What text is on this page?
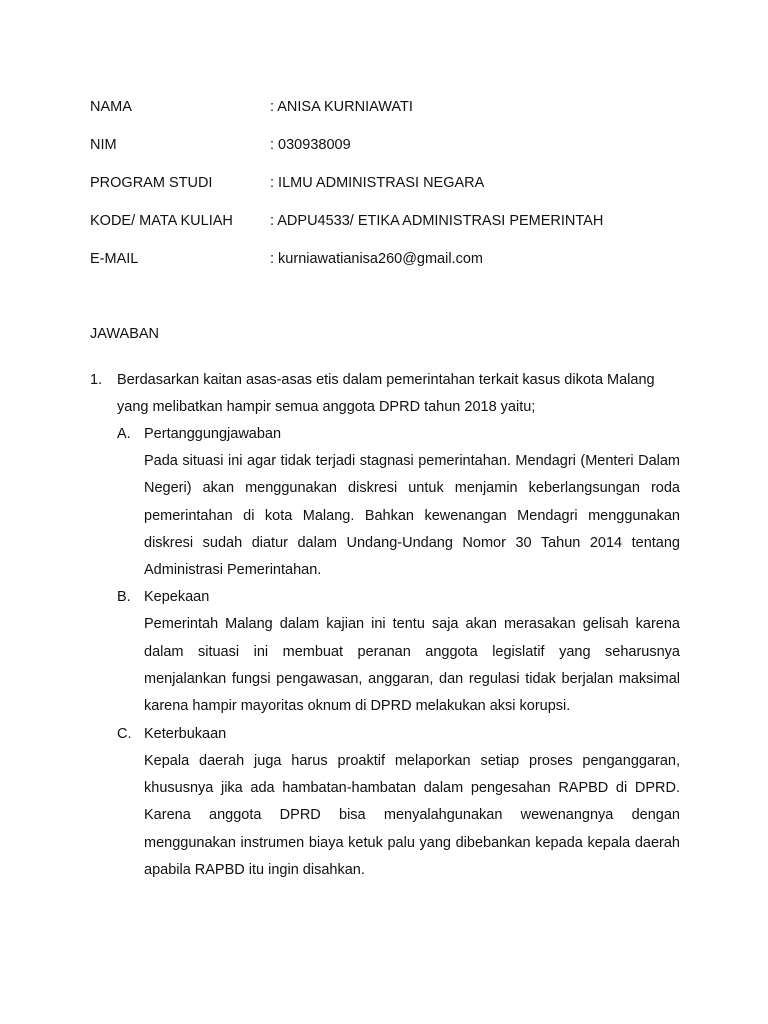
NAMA	: ANISA KURNIAWATI
NIM	: 030938009
PROGRAM STUDI	: ILMU ADMINISTRASI NEGARA
KODE/ MATA KULIAH	: ADPU4533/ ETIKA ADMINISTRASI PEMERINTAH
E-MAIL	: kurniawatianisa260@gmail.com
JAWABAN
1.	Berdasarkan kaitan asas-asas etis dalam pemerintahan terkait kasus dikota Malang yang melibatkan hampir semua anggota DPRD tahun 2018 yaitu;

A. Pertanggungjawaban

Pada situasi ini agar tidak terjadi stagnasi pemerintahan. Mendagri (Menteri Dalam Negeri) akan menggunakan diskresi untuk menjamin keberlangsungan roda pemerintahan di kota Malang. Bahkan kewenangan Mendagri menggunakan diskresi sudah diatur dalam Undang-Undang Nomor 30 Tahun 2014 tentang Administrasi Pemerintahan.

B. Kepekaan

Pemerintah Malang dalam kajian ini tentu saja akan merasakan gelisah karena dalam situasi ini membuat peranan anggota legislatif yang seharusnya menjalankan fungsi pengawasan, anggaran, dan regulasi tidak berjalan maksimal karena hampir mayoritas oknum di DPRD melakukan aksi korupsi.

C. Keterbukaan

Kepala daerah juga harus proaktif melaporkan setiap proses penganggaran, khususnya jika ada hambatan-hambatan dalam pengesahan RAPBD di DPRD. Karena anggota DPRD bisa menyalahgunakan wewenangnya dengan menggunakan instrumen biaya ketuk palu yang dibebankan kepada kepala daerah apabila RAPBD itu ingin disahkan.
